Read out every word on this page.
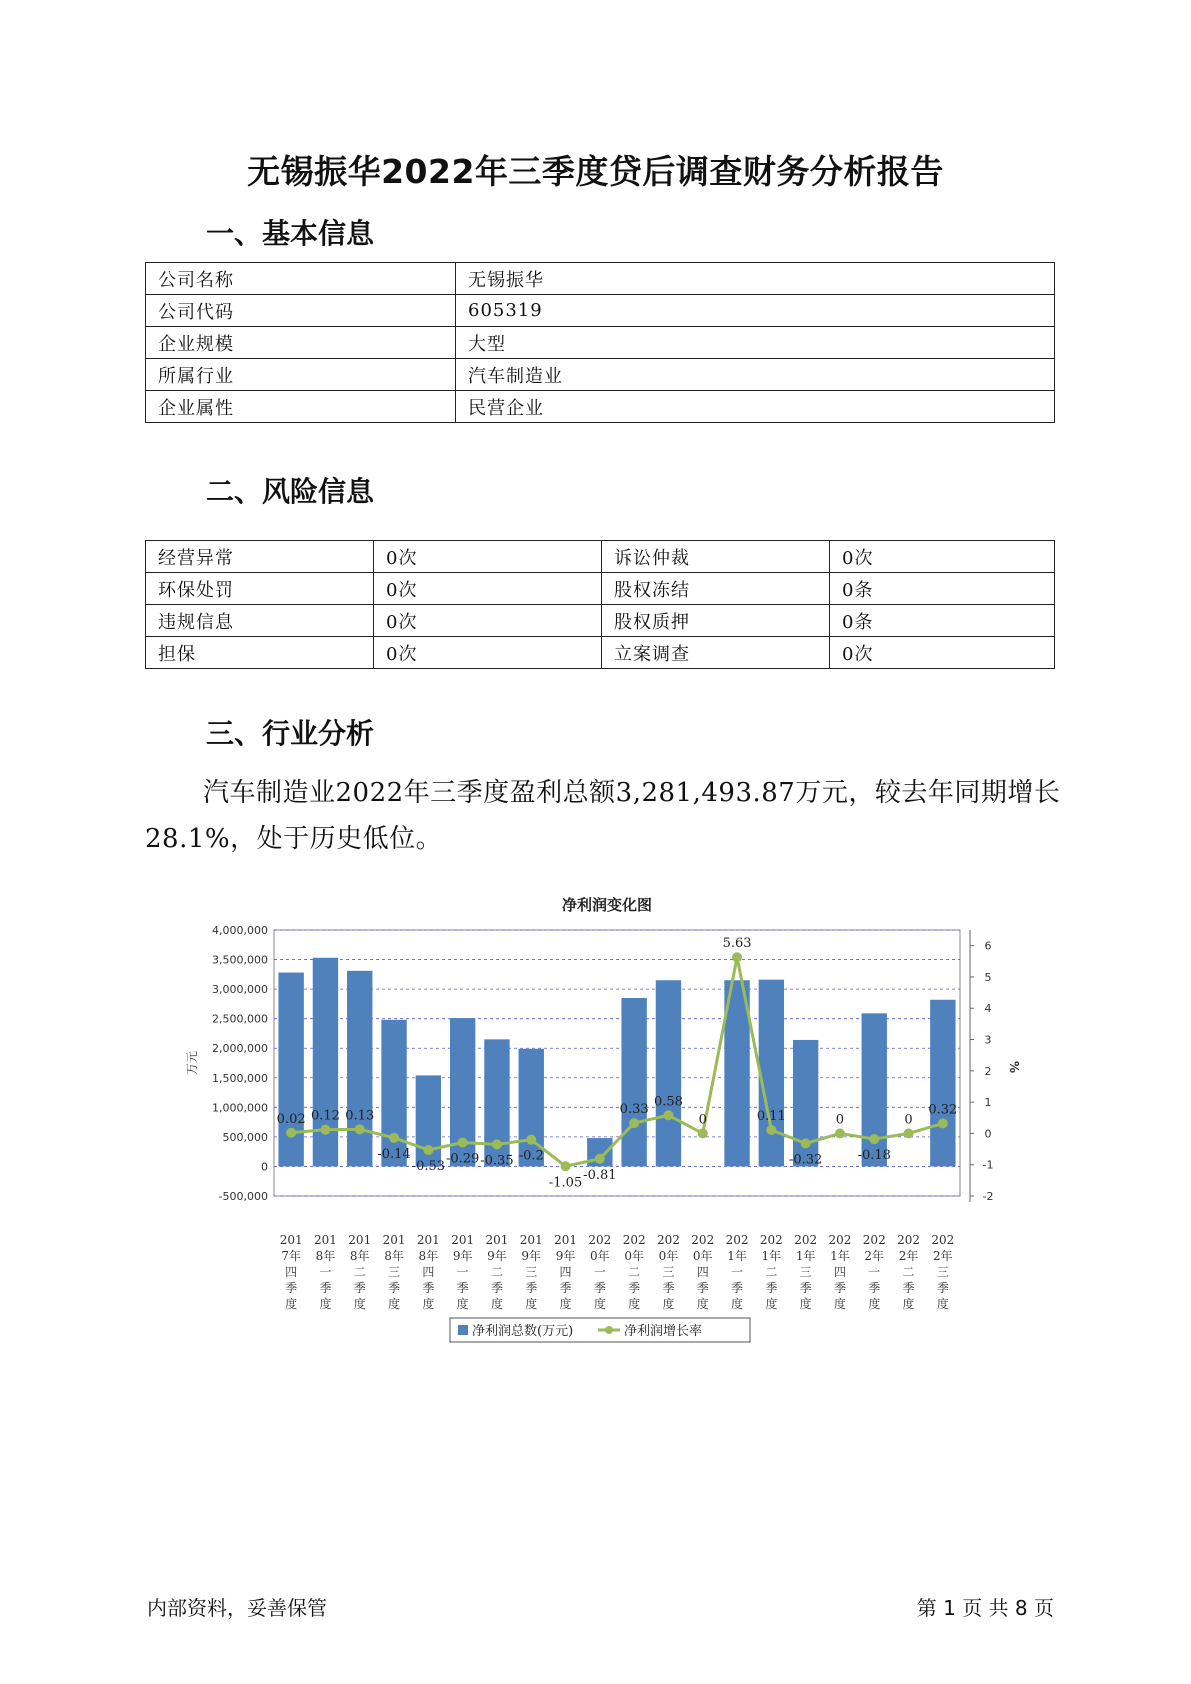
无锡振华2022年三季度贷后调查财务分析报告
一、基本信息
公司名称	无锡振华
公司代码	605319
企业规模	大型
所属行业	汽车制造业
企业属性	民营企业
二、风险信息
经营异常	0次	诉讼仲裁	0次
环保处罚	0次	股权冻结	0条
违规信息	0次	股权质押	0条
担保	0次	立案调查	0次
三、行业分析
汽车制造业2022年三季度盈利总额3,281,493.87万元，较去年同期增长28.1%，处于历史低位。
净利润变化图
-500,000
0
500,000
1,000,000
1,500,000
2,000,000
2,500,000
3,000,000
3,500,000
4,000,000
-2
-1
0
1
2
3
4
5
6
万元	%
0.02 0.12 0.13
-0.14
-0.53
-0.29 -0.35 -0.2
-1.05
-0.81
0.33
0.58
0
5.63
0.11
-0.32
0
-0.18
0
0.32
201 7年四季度
201 8年一季度
201 8年二季度
201 8年三季度
201 8年四季度
201 9年一季度
201 9年二季度
201 9年三季度
201 9年四季度
202 0年一季度
202 0年二季度
202 0年三季度
202 0年四季度
202 1年一季度
202 1年二季度
202 1年三季度
202 1年四季度
202 2年一季度
202 2年二季度
202 2年三季度
净利润总数(万元)	净利润增长率
内部资料，妥善保管	第 1 页 共 8 页
